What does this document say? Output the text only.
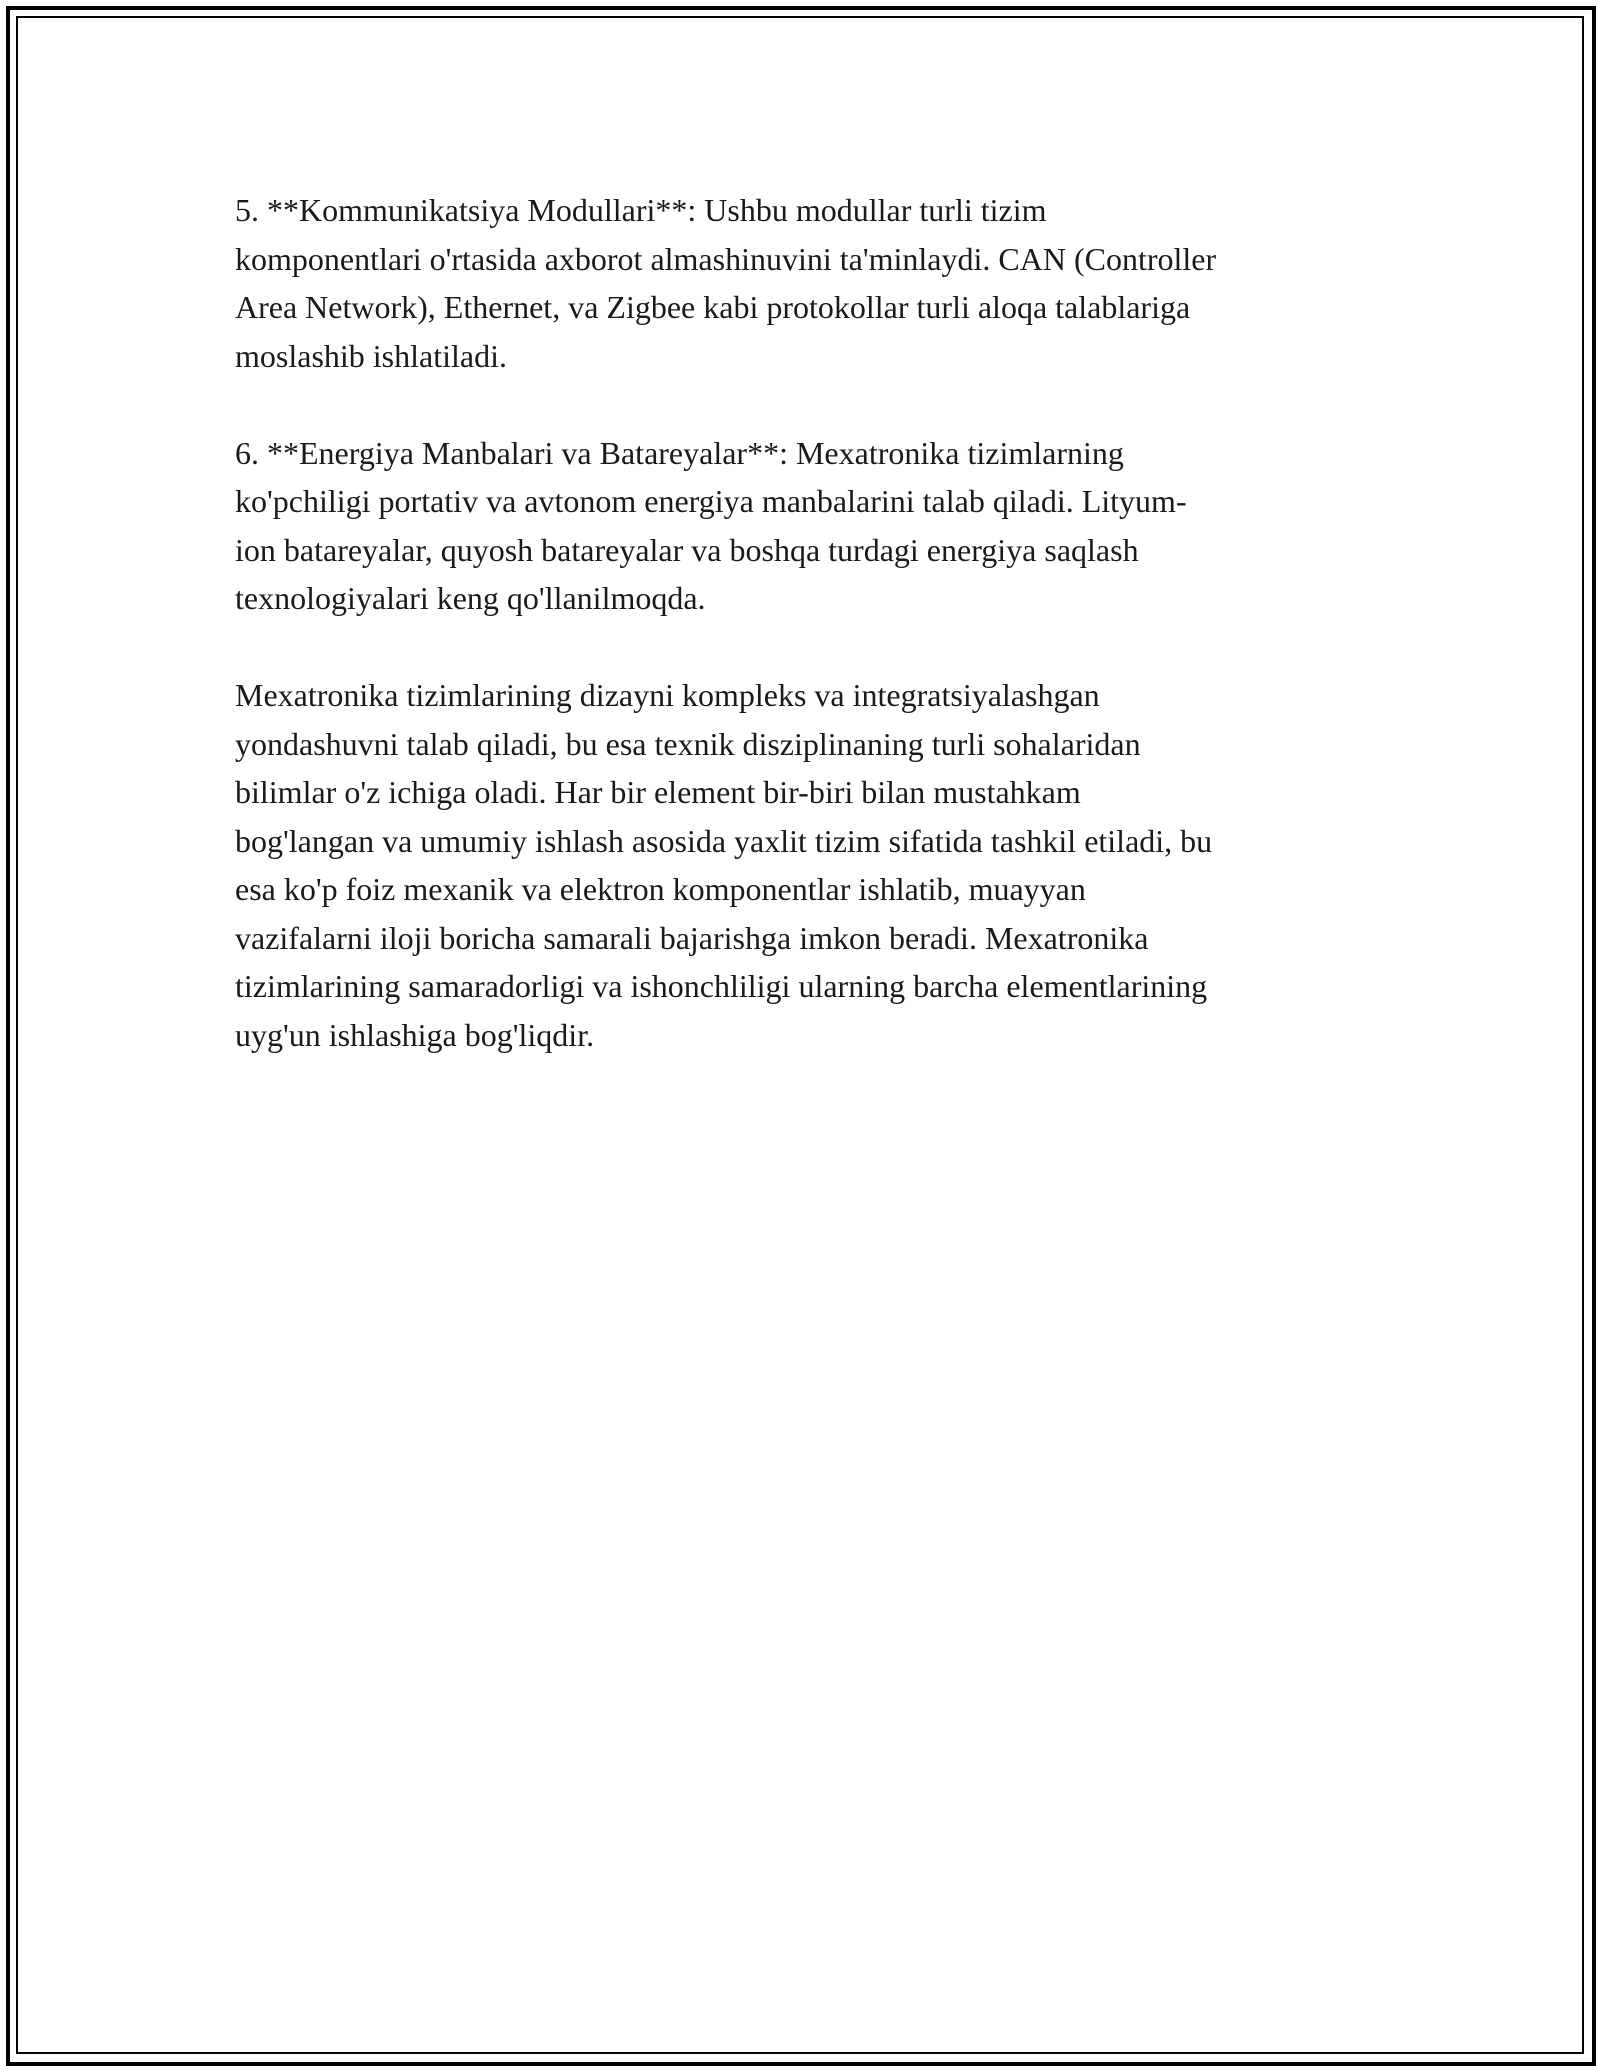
5. **Kommunikatsiya Modullari**: Ushbu modullar turli tizim
komponentlari o'rtasida axborot almashinuvini ta'minlaydi. CAN (Controller
Area Network), Ethernet, va Zigbee kabi protokollar turli aloqa talablariga
moslashib ishlatiladi.

6. **Energiya Manbalari va Batareyalar**: Mexatronika tizimlarning
ko'pchiligi portativ va avtonom energiya manbalarini talab qiladi. Lityum-
ion batareyalar, quyosh batareyalar va boshqa turdagi energiya saqlash
texnologiyalari keng qo'llanilmoqda.

Mexatronika tizimlarining dizayni kompleks va integratsiyalashgan
yondashuvni talab qiladi, bu esa texnik disziplinaning turli sohalaridan
bilimlar o'z ichiga oladi. Har bir element bir-biri bilan mustahkam
bog'langan va umumiy ishlash asosida yaxlit tizim sifatida tashkil etiladi, bu
esa ko'p foiz mexanik va elektron komponentlar ishlatib, muayyan
vazifalarni iloji boricha samarali bajarishga imkon beradi. Mexatronika
tizimlarining samaradorligi va ishonchliligi ularning barcha elementlarining
uyg'un ishlashiga bog'liqdir.
